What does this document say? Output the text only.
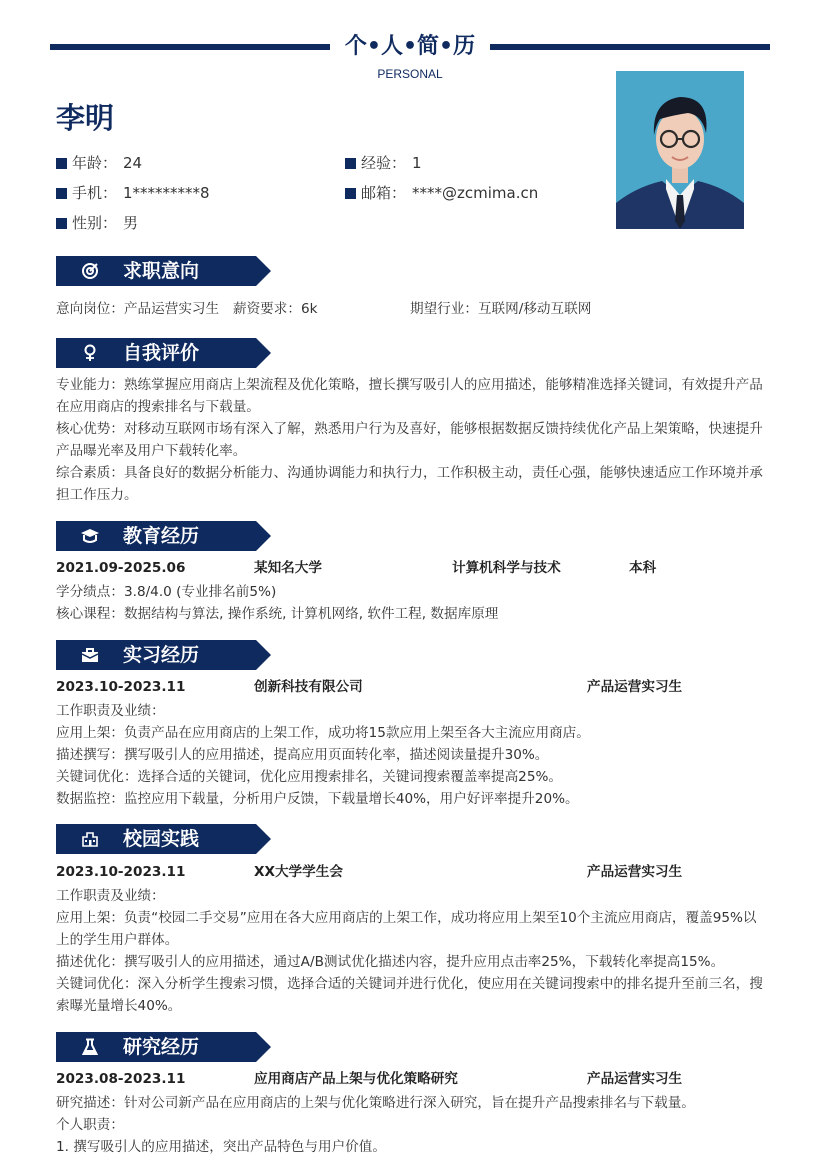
个•人•简•历
PERSONAL
李明
年龄： 24	经验： 1
手机： 1*********8	邮箱： ****@zcmima.cn
性别： 男
求职意向
意向岗位：产品运营实习生 薪资要求：6k	期望行业：互联网/移动互联网
自我评价
专业能力：熟练掌握应用商店上架流程及优化策略，擅长撰写吸引人的应用描述，能够精准选择关键词，有效提升产品在应用商店的搜索排名与下载量。
核心优势：对移动互联网市场有深入了解，熟悉用户行为及喜好，能够根据数据反馈持续优化产品上架策略，快速提升产品曝光率及用户下载转化率。
综合素质：具备良好的数据分析能力、沟通协调能力和执行力，工作积极主动，责任心强，能够快速适应工作环境并承担工作压力。
教育经历
2021.09-2025.06	某知名大学	计算机科学与技术	本科
学分绩点：3.8/4.0 (专业排名前5%)
核心课程：数据结构与算法, 操作系统, 计算机网络, 软件工程, 数据库原理
实习经历
2023.10-2023.11	创新科技有限公司	产品运营实习生
工作职责及业绩：
应用上架：负责产品在应用商店的上架工作，成功将15款应用上架至各大主流应用商店。
描述撰写：撰写吸引人的应用描述，提高应用页面转化率，描述阅读量提升30%。
关键词优化：选择合适的关键词，优化应用搜索排名，关键词搜索覆盖率提高25%。
数据监控：监控应用下载量，分析用户反馈，下载量增长40%，用户好评率提升20%。
校园实践
2023.10-2023.11	XX大学学生会	产品运营实习生
工作职责及业绩：
应用上架：负责“校园二手交易”应用在各大应用商店的上架工作，成功将应用上架至10个主流应用商店，覆盖95%以上的学生用户群体。
描述优化：撰写吸引人的应用描述，通过A/B测试优化描述内容，提升应用点击率25%，下载转化率提高15%。
关键词优化：深入分析学生搜索习惯，选择合适的关键词并进行优化，使应用在关键词搜索中的排名提升至前三名，搜索曝光量增长40%。
研究经历
2023.08-2023.11	应用商店产品上架与优化策略研究	产品运营实习生
研究描述：针对公司新产品在应用商店的上架与优化策略进行深入研究，旨在提升产品搜索排名与下载量。
个人职责：
1. 撰写吸引人的应用描述，突出产品特色与用户价值。
